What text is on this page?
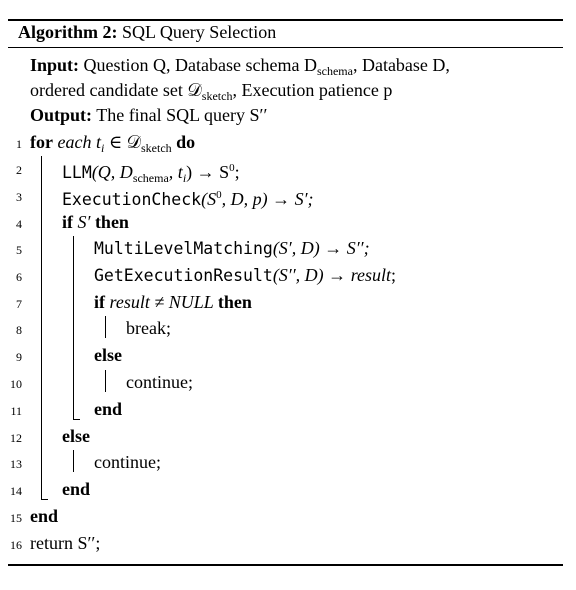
Algorithm 2: SQL Query Selection
Input: Question Q, Database schema $D_{schema}$, Database D,
ordered candidate set 𝒟$_{sketch}$, Execution patience p
Output: The final SQL query S′′
1 for each $t_i$ ∈ 𝒟$_{sketch}$ do
2 LLM(Q, $D_{schema}$, $t_i) \to S^0$;
3 $ExecutionCheck(S^0$, D, p) → S′;
4 if S′ then
5	MultiLevelMatching(S′, D) → S′′;
6	GetExecutionResult(S′′, D) → result;
7	if result ≠ NULL then
8	break;
9	else
10	continue;
11	end
12 else
13	continue;
14 end
15 end
16 return S′′;
